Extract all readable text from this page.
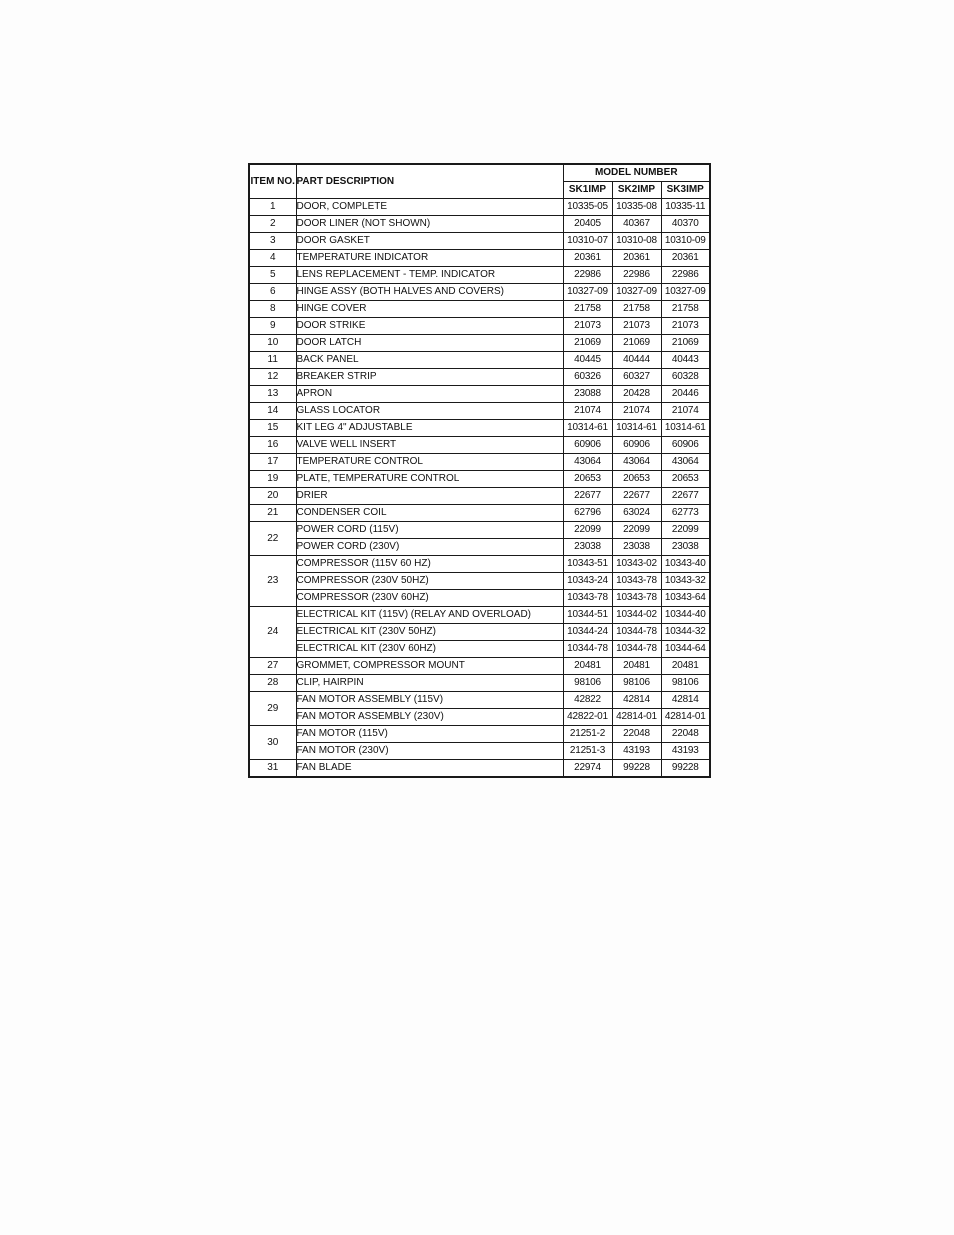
ITEM NO.	PART DESCRIPTION	MODEL NUMBER		
		SK1IMP	SK2IMP	SK3IMP
1	DOOR, COMPLETE	10335-05	10335-08	10335-11
2	DOOR LINER (NOT SHOWN)	20405	40367	40370
3	DOOR GASKET	10310-07	10310-08	10310-09
4	TEMPERATURE INDICATOR	20361	20361	20361
5	LENS REPLACEMENT - TEMP. INDICATOR	22986	22986	22986
6	HINGE ASSY (BOTH HALVES AND COVERS)	10327-09	10327-09	10327-09
8	HINGE COVER	21758	21758	21758
9	DOOR STRIKE	21073	21073	21073
10	DOOR LATCH	21069	21069	21069
11	BACK PANEL	40445	40444	40443
12	BREAKER STRIP	60326	60327	60328
13	APRON	23088	20428	20446
14	GLASS LOCATOR	21074	21074	21074
15	KIT LEG 4" ADJUSTABLE	10314-61	10314-61	10314-61
16	VALVE WELL INSERT	60906	60906	60906
17	TEMPERATURE CONTROL	43064	43064	43064
19	PLATE, TEMPERATURE CONTROL	20653	20653	20653
20	DRIER	22677	22677	22677
21	CONDENSER COIL	62796	63024	62773
22	POWER CORD (115V)	22099	22099	22099
	POWER CORD (230V)	23038	23038	23038
23	COMPRESSOR (115V 60 HZ)	10343-51	10343-02	10343-40
	COMPRESSOR (230V 50HZ)	10343-24	10343-78	10343-32
	COMPRESSOR (230V 60HZ)	10343-78	10343-78	10343-64
24	ELECTRICAL KIT (115V) (RELAY AND OVERLOAD)	10344-51	10344-02	10344-40
	ELECTRICAL KIT (230V 50HZ)	10344-24	10344-78	10344-32
	ELECTRICAL KIT (230V 60HZ)	10344-78	10344-78	10344-64
27	GROMMET, COMPRESSOR MOUNT	20481	20481	20481
28	CLIP, HAIRPIN	98106	98106	98106
29	FAN MOTOR ASSEMBLY (115V)	42822	42814	42814
	FAN MOTOR ASSEMBLY (230V)	42822-01	42814-01	42814-01
30	FAN MOTOR (115V)	21251-2	22048	22048
	FAN MOTOR (230V)	21251-3	43193	43193
31	FAN BLADE	22974	99228	99228
